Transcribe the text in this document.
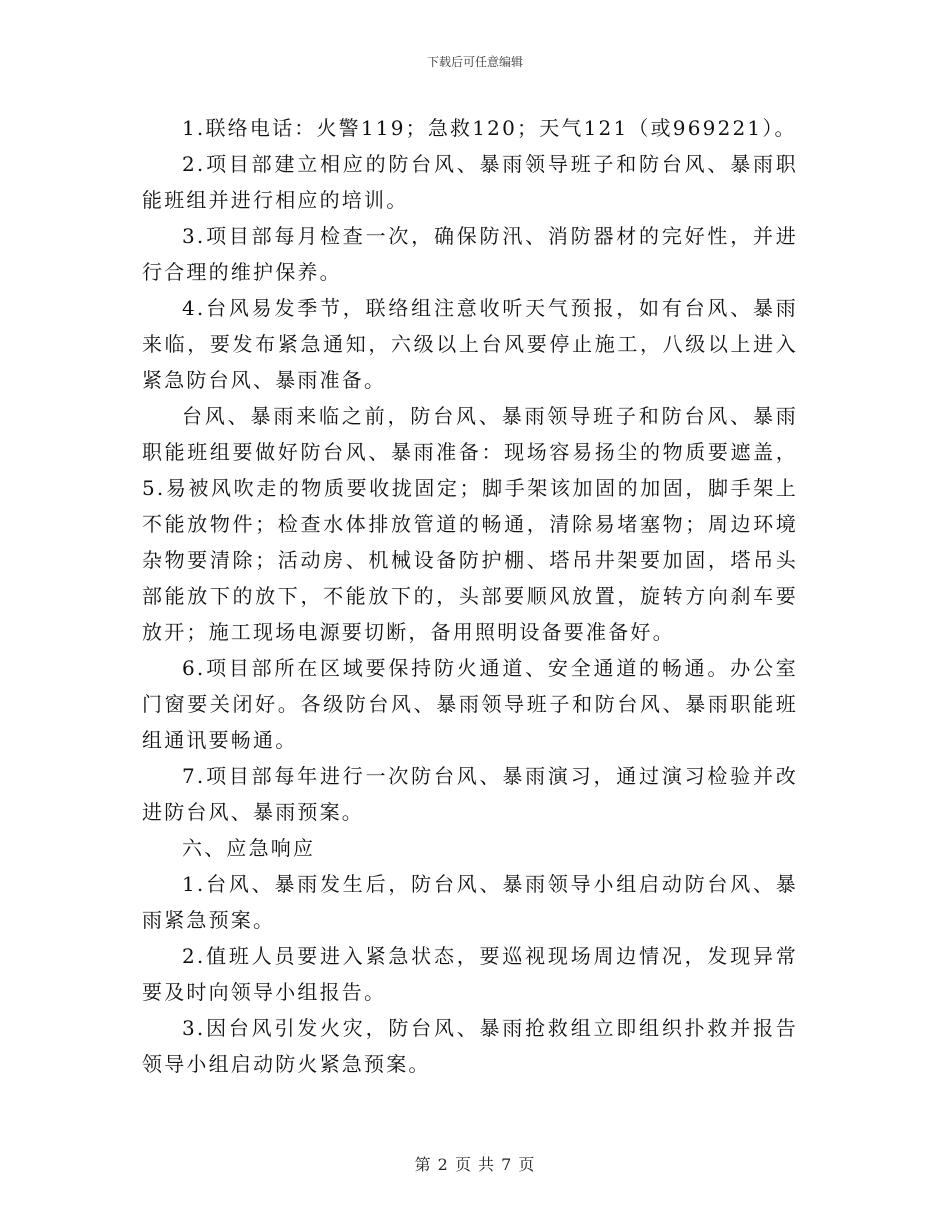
下载后可任意编辑

1.联络电话：火警119；急救120；天气121（或969221）。

2.项目部建立相应的防台风、暴雨领导班子和防台风、暴雨职能班组并进行相应的培训。

3.项目部每月检查一次，确保防汛、消防器材的完好性，并进行合理的维护保养。

4.台风易发季节，联络组注意收听天气预报，如有台风、暴雨来临，要发布紧急通知，六级以上台风要停止施工，八级以上进入紧急防台风、暴雨准备。

台风、暴雨来临之前，防台风、暴雨领导班子和防台风、暴雨职能班组要做好防台风、暴雨准备：现场容易扬尘的物质要遮盖，5.易被风吹走的物质要收拢固定；脚手架该加固的加固，脚手架上不能放物件；检查水体排放管道的畅通，清除易堵塞物；周边环境杂物要清除；活动房、机械设备防护棚、塔吊井架要加固，塔吊头部能放下的放下，不能放下的，头部要顺风放置，旋转方向刹车要放开；施工现场电源要切断，备用照明设备要准备好。

6.项目部所在区域要保持防火通道、安全通道的畅通。办公室门窗要关闭好。各级防台风、暴雨领导班子和防台风、暴雨职能班组通讯要畅通。

7.项目部每年进行一次防台风、暴雨演习，通过演习检验并改进防台风、暴雨预案。

六、应急响应

1.台风、暴雨发生后，防台风、暴雨领导小组启动防台风、暴雨紧急预案。

2.值班人员要进入紧急状态，要巡视现场周边情况，发现异常要及时向领导小组报告。

3.因台风引发火灾，防台风、暴雨抢救组立即组织扑救并报告领导小组启动防火紧急预案。

第 2 页 共 7 页
